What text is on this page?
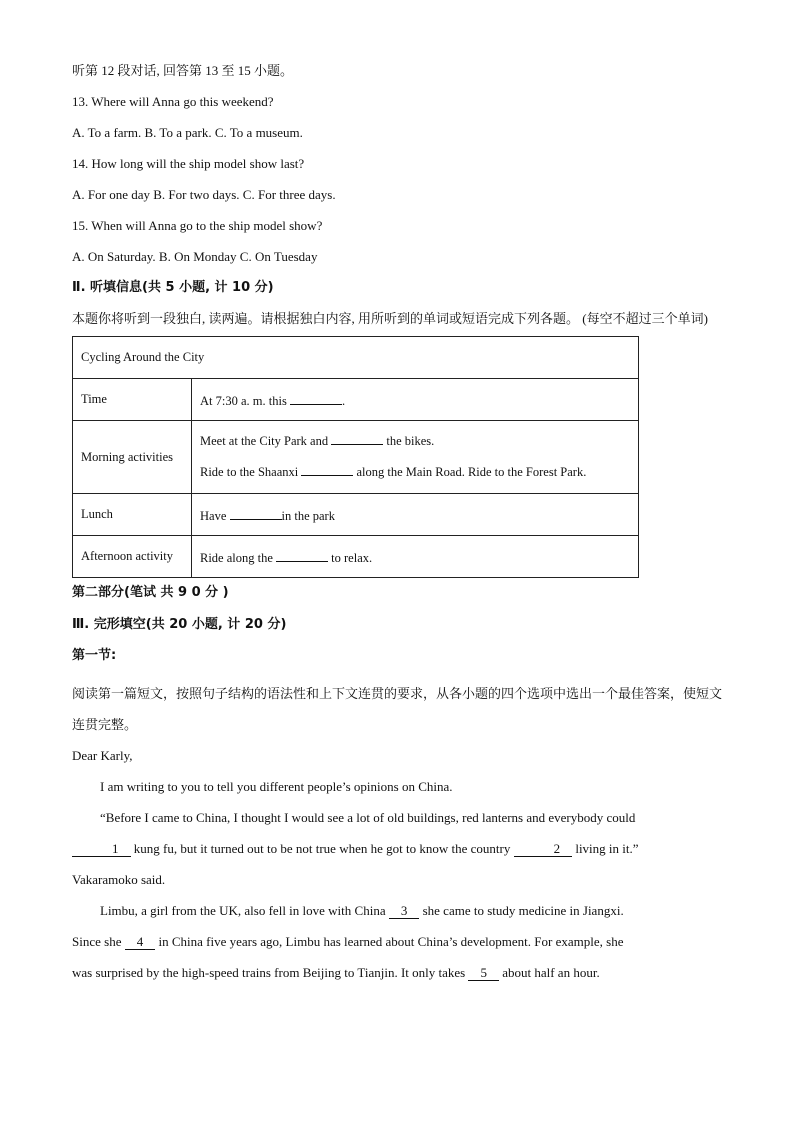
听第 12 段对话, 回答第 13 至 15 小题。
13. Where will Anna go this weekend?
A. To a farm. B. To a park. C. To a museum.
14. How long will the ship model show last?
A. For one day B. For two days. C. For three days.
15. When will Anna go to the ship model show?
A. On Saturday. B. On Monday C. On Tuesday
Ⅱ. 听填信息(共 5 小题, 计 10 分)
本题你将听到一段独白, 读两遍。请根据独白内容, 用所听到的单词或短语完成下列各题。 (每空不超过三个单词)
Cycling Around the City	
Time	At 7:30 a. m. this .
Morning activities	Meet at the City Park and the bikes.
Ride to the Shaanxi along the Main Road. Ride to the Forest Park.

Lunch	Have in the park
Afternoon activity	Ride along the to relax.
第二部分(笔试 共 9 0 分 )
Ⅲ. 完形填空(共 20 小题, 计 20 分)
第一节:
阅读第一篇短文，按照句子结构的语法性和上下文连贯的要求，从各小题的四个选项中选出一个最佳答案，使短文连贯完整。
Dear Karly,
I am writing to you to tell you different people’s opinions on China.
“Before I came to China, I thought I would see a lot of old buildings, red lanterns and everybody could
1 kung fu, but it turned out to be not true when he got to know the country	2 living in it.”
Vakaramoko said.
Limbu, a girl from the UK, also fell in love with China 3 she came to study medicine in Jiangxi.
Since she 4 in China five years ago, Limbu has learned about China’s development. For example, she
was surprised by the high-speed trains from Beijing to Tianjin. It only takes 5 about half an hour.
